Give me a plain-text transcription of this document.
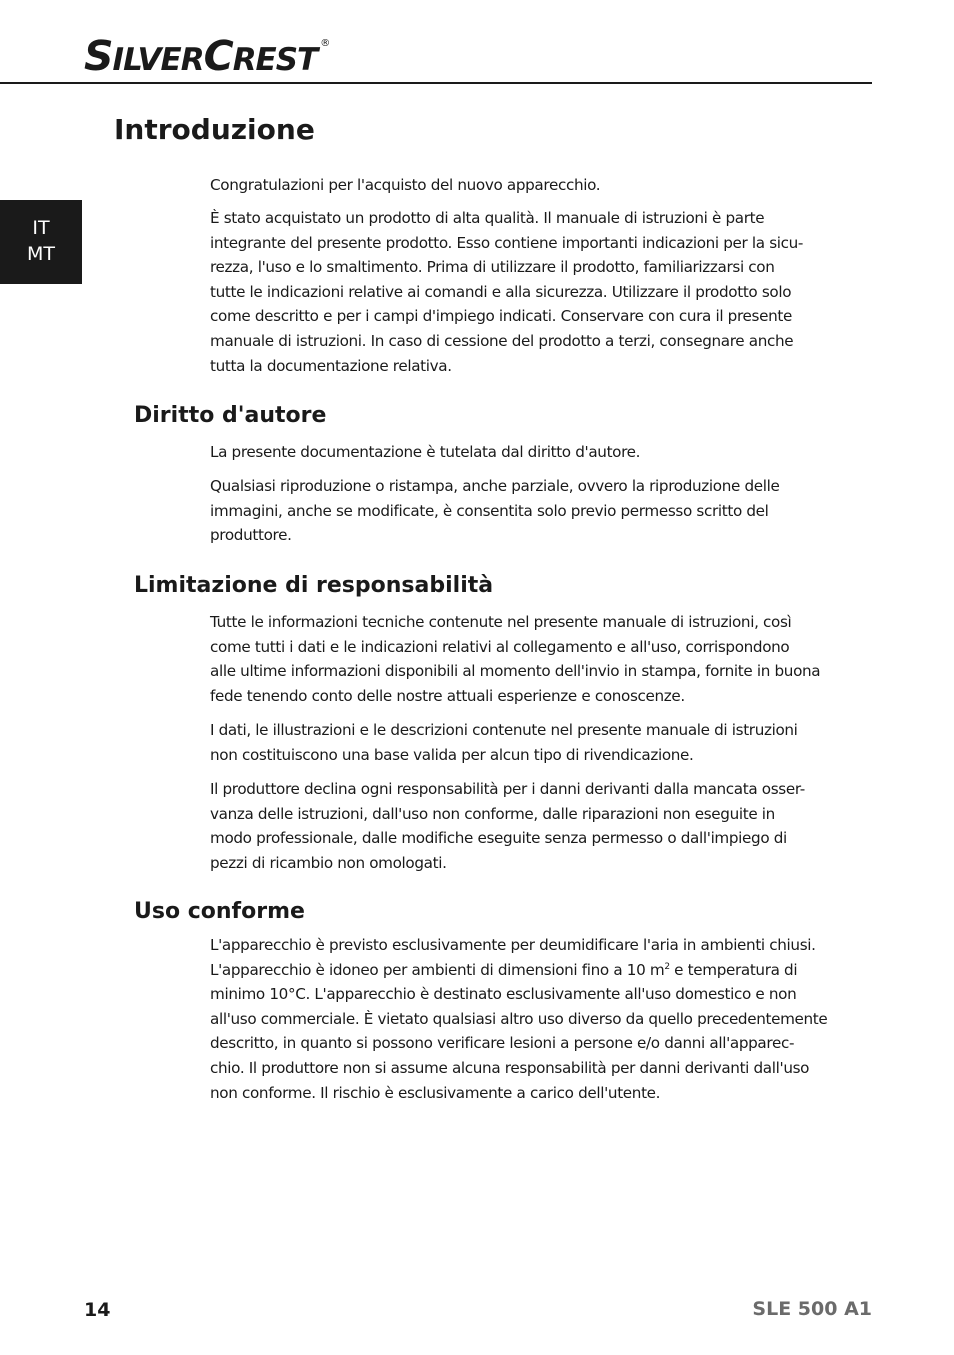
SILVERCREST ®
IT
MT
Introduzione

Congratulazioni per l'acquisto del nuovo apparecchio.

È stato acquistato un prodotto di alta qualità. Il manuale di istruzioni è parte
integrante del presente prodotto. Esso contiene importanti indicazioni per la sicu-
rezza, l'uso e lo smaltimento. Prima di utilizzare il prodotto, familiarizzarsi con
tutte le indicazioni relative ai comandi e alla sicurezza. Utilizzare il prodotto solo
come descritto e per i campi d'impiego indicati. Conservare con cura il presente
manuale di istruzioni. In caso di cessione del prodotto a terzi, consegnare anche
tutta la documentazione relativa.

Diritto d'autore

La presente documentazione è tutelata dal diritto d'autore.

Qualsiasi riproduzione o ristampa, anche parziale, ovvero la riproduzione delle
immagini, anche se modificate, è consentita solo previo permesso scritto del
produttore.

Limitazione di responsabilità

Tutte le informazioni tecniche contenute nel presente manuale di istruzioni, così
come tutti i dati e le indicazioni relativi al collegamento e all'uso, corrispondono
alle ultime informazioni disponibili al momento dell'invio in stampa, fornite in buona
fede tenendo conto delle nostre attuali esperienze e conoscenze.

I dati, le illustrazioni e le descrizioni contenute nel presente manuale di istruzioni
non costituiscono una base valida per alcun tipo di rivendicazione.

Il produttore declina ogni responsabilità per i danni derivanti dalla mancata osser-
vanza delle istruzioni, dall'uso non conforme, dalle riparazioni non eseguite in
modo professionale, dalle modifiche eseguite senza permesso o dall'impiego di
pezzi di ricambio non omologati.

Uso conforme

L'apparecchio è previsto esclusivamente per deumidificare l'aria in ambienti chiusi.
L'apparecchio è idoneo per ambienti di dimensioni fino a 10 $m^2$ e temperatura di
minimo 10°C. L'apparecchio è destinato esclusivamente all'uso domestico e non
all'uso commerciale. È vietato qualsiasi altro uso diverso da quello precedentemente
descritto, in quanto si possono verificare lesioni a persone e/o danni all'apparec-
chio. Il produttore non si assume alcuna responsabilità per danni derivanti dall'uso
non conforme. Il rischio è esclusivamente a carico dell'utente.

14	SLE 500 A1
